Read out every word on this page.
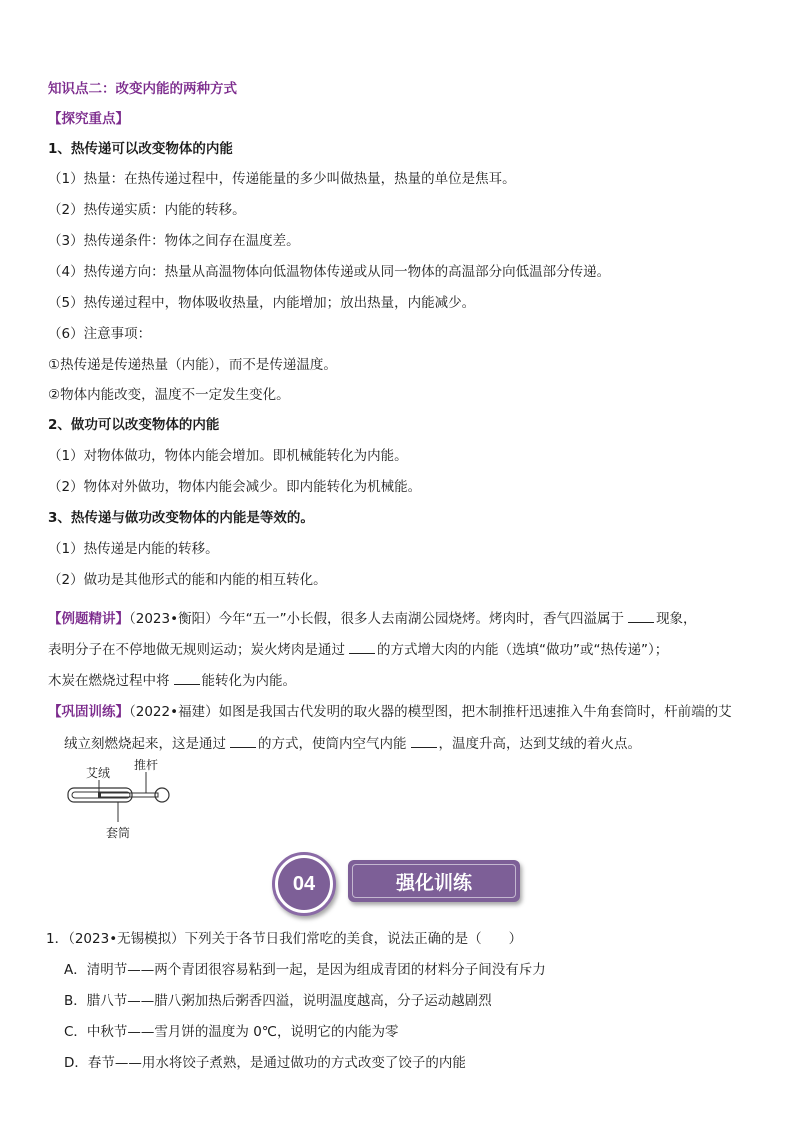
知识点二：改变内能的两种方式
【探究重点】
1、热传递可以改变物体的内能
（1）热量：在热传递过程中，传递能量的多少叫做热量，热量的单位是焦耳。
（2）热传递实质：内能的转移。
（3）热传递条件：物体之间存在温度差。
（4）热传递方向：热量从高温物体向低温物体传递或从同一物体的高温部分向低温部分传递。
（5）热传递过程中，物体吸收热量，内能增加；放出热量，内能减少。
（6）注意事项：
①热传递是传递热量（内能），而不是传递温度。
②物体内能改变，温度不一定发生变化。
2、做功可以改变物体的内能
（1）对物体做功，物体内能会增加。即机械能转化为内能。
（2）物体对外做功，物体内能会减少。即内能转化为机械能。
3、热传递与做功改变物体的内能是等效的。
（1）热传递是内能的转移。
（2）做功是其他形式的能和内能的相互转化。
【例题精讲】（2023•衡阳）今年“五一”小长假，很多人去南湖公园烧烤。烤肉时，香气四溢属于 现象，
表明分子在不停地做无规则运动；炭火烤肉是通过 的方式增大肉的内能（选填“做功”或“热传递”）；
木炭在燃烧过程中将 能转化为内能。
【巩固训练】（2022•福建）如图是我国古代发明的取火器的模型图，把木制推杆迅速推入牛角套筒时，杆前端的艾
绒立刻燃烧起来，这是通过 的方式，使筒内空气内能 ，温度升高，达到艾绒的着火点。
艾绒
推杆
套筒
04	强化训练
1．（2023•无锡模拟）下列关于各节日我们常吃的美食，说法正确的是（　　）
A．清明节——两个青团很容易粘到一起，是因为组成青团的材料分子间没有斥力
B．腊八节——腊八粥加热后粥香四溢，说明温度越高，分子运动越剧烈
C．中秋节——雪月饼的温度为 0℃，说明它的内能为零
D．春节——用水将饺子煮熟，是通过做功的方式改变了饺子的内能
